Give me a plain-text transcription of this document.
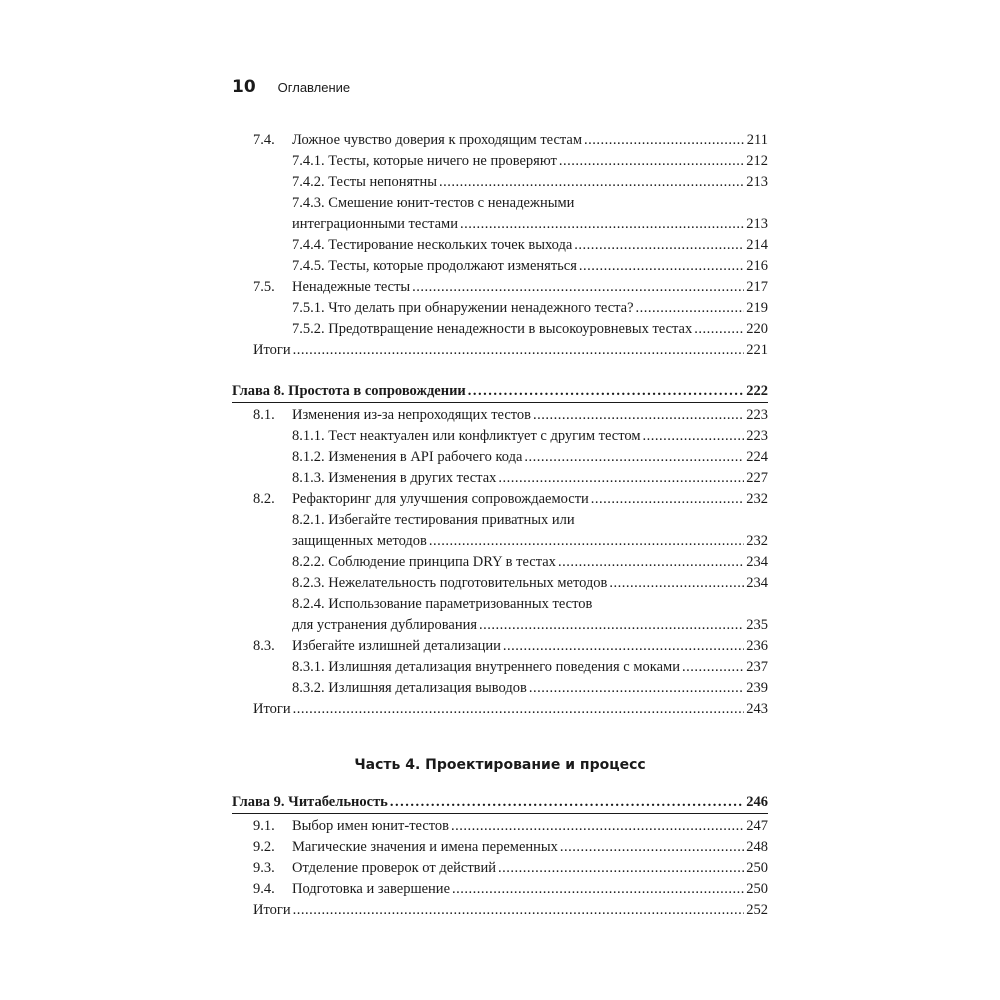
10 Оглавление
7.4. Ложное чувство доверия к проходящим тестам .....	211
7.4.1. Тесты, которые ничего не проверяют .....	212
7.4.2. Тесты непонятны .....	213
7.4.3. Смешение юнит-тестов с ненадежными
интеграционными тестами .....	213
7.4.4. Тестирование нескольких точек выхода .....	214
7.4.5. Тесты, которые продолжают изменяться .....	216
7.5. Ненадежные тесты .....	217
7.5.1. Что делать при обнаружении ненадежного теста? .....	219
7.5.2. Предотвращение ненадежности в высокоуровневых тестах .....	220
Итоги .....	221
Глава 8. Простота в сопровождении .....	222
8.1. Изменения из-за непроходящих тестов .....	223
8.1.1. Тест неактуален или конфликтует с другим тестом .....	223
8.1.2. Изменения в API рабочего кода .....	224
8.1.3. Изменения в других тестах .....	227
8.2. Рефакторинг для улучшения сопровождаемости .....	232
8.2.1. Избегайте тестирования приватных или
защищенных методов .....	232
8.2.2. Соблюдение принципа DRY в тестах .....	234
8.2.3. Нежелательность подготовительных методов .....	234
8.2.4. Использование параметризованных тестов
для устранения дублирования .....	235
8.3. Избегайте излишней детализации .....	236
8.3.1. Излишняя детализация внутреннего поведения с моками .....	237
8.3.2. Излишняя детализация выводов .....	239
Итоги .....	243
Часть 4. Проектирование и процесс
Глава 9. Читабельность .....	246
9.1. Выбор имен юнит-тестов .....	247
9.2. Магические значения и имена переменных .....	248
9.3. Отделение проверок от действий .....	250
9.4. Подготовка и завершение .....	250
Итоги .....	252
